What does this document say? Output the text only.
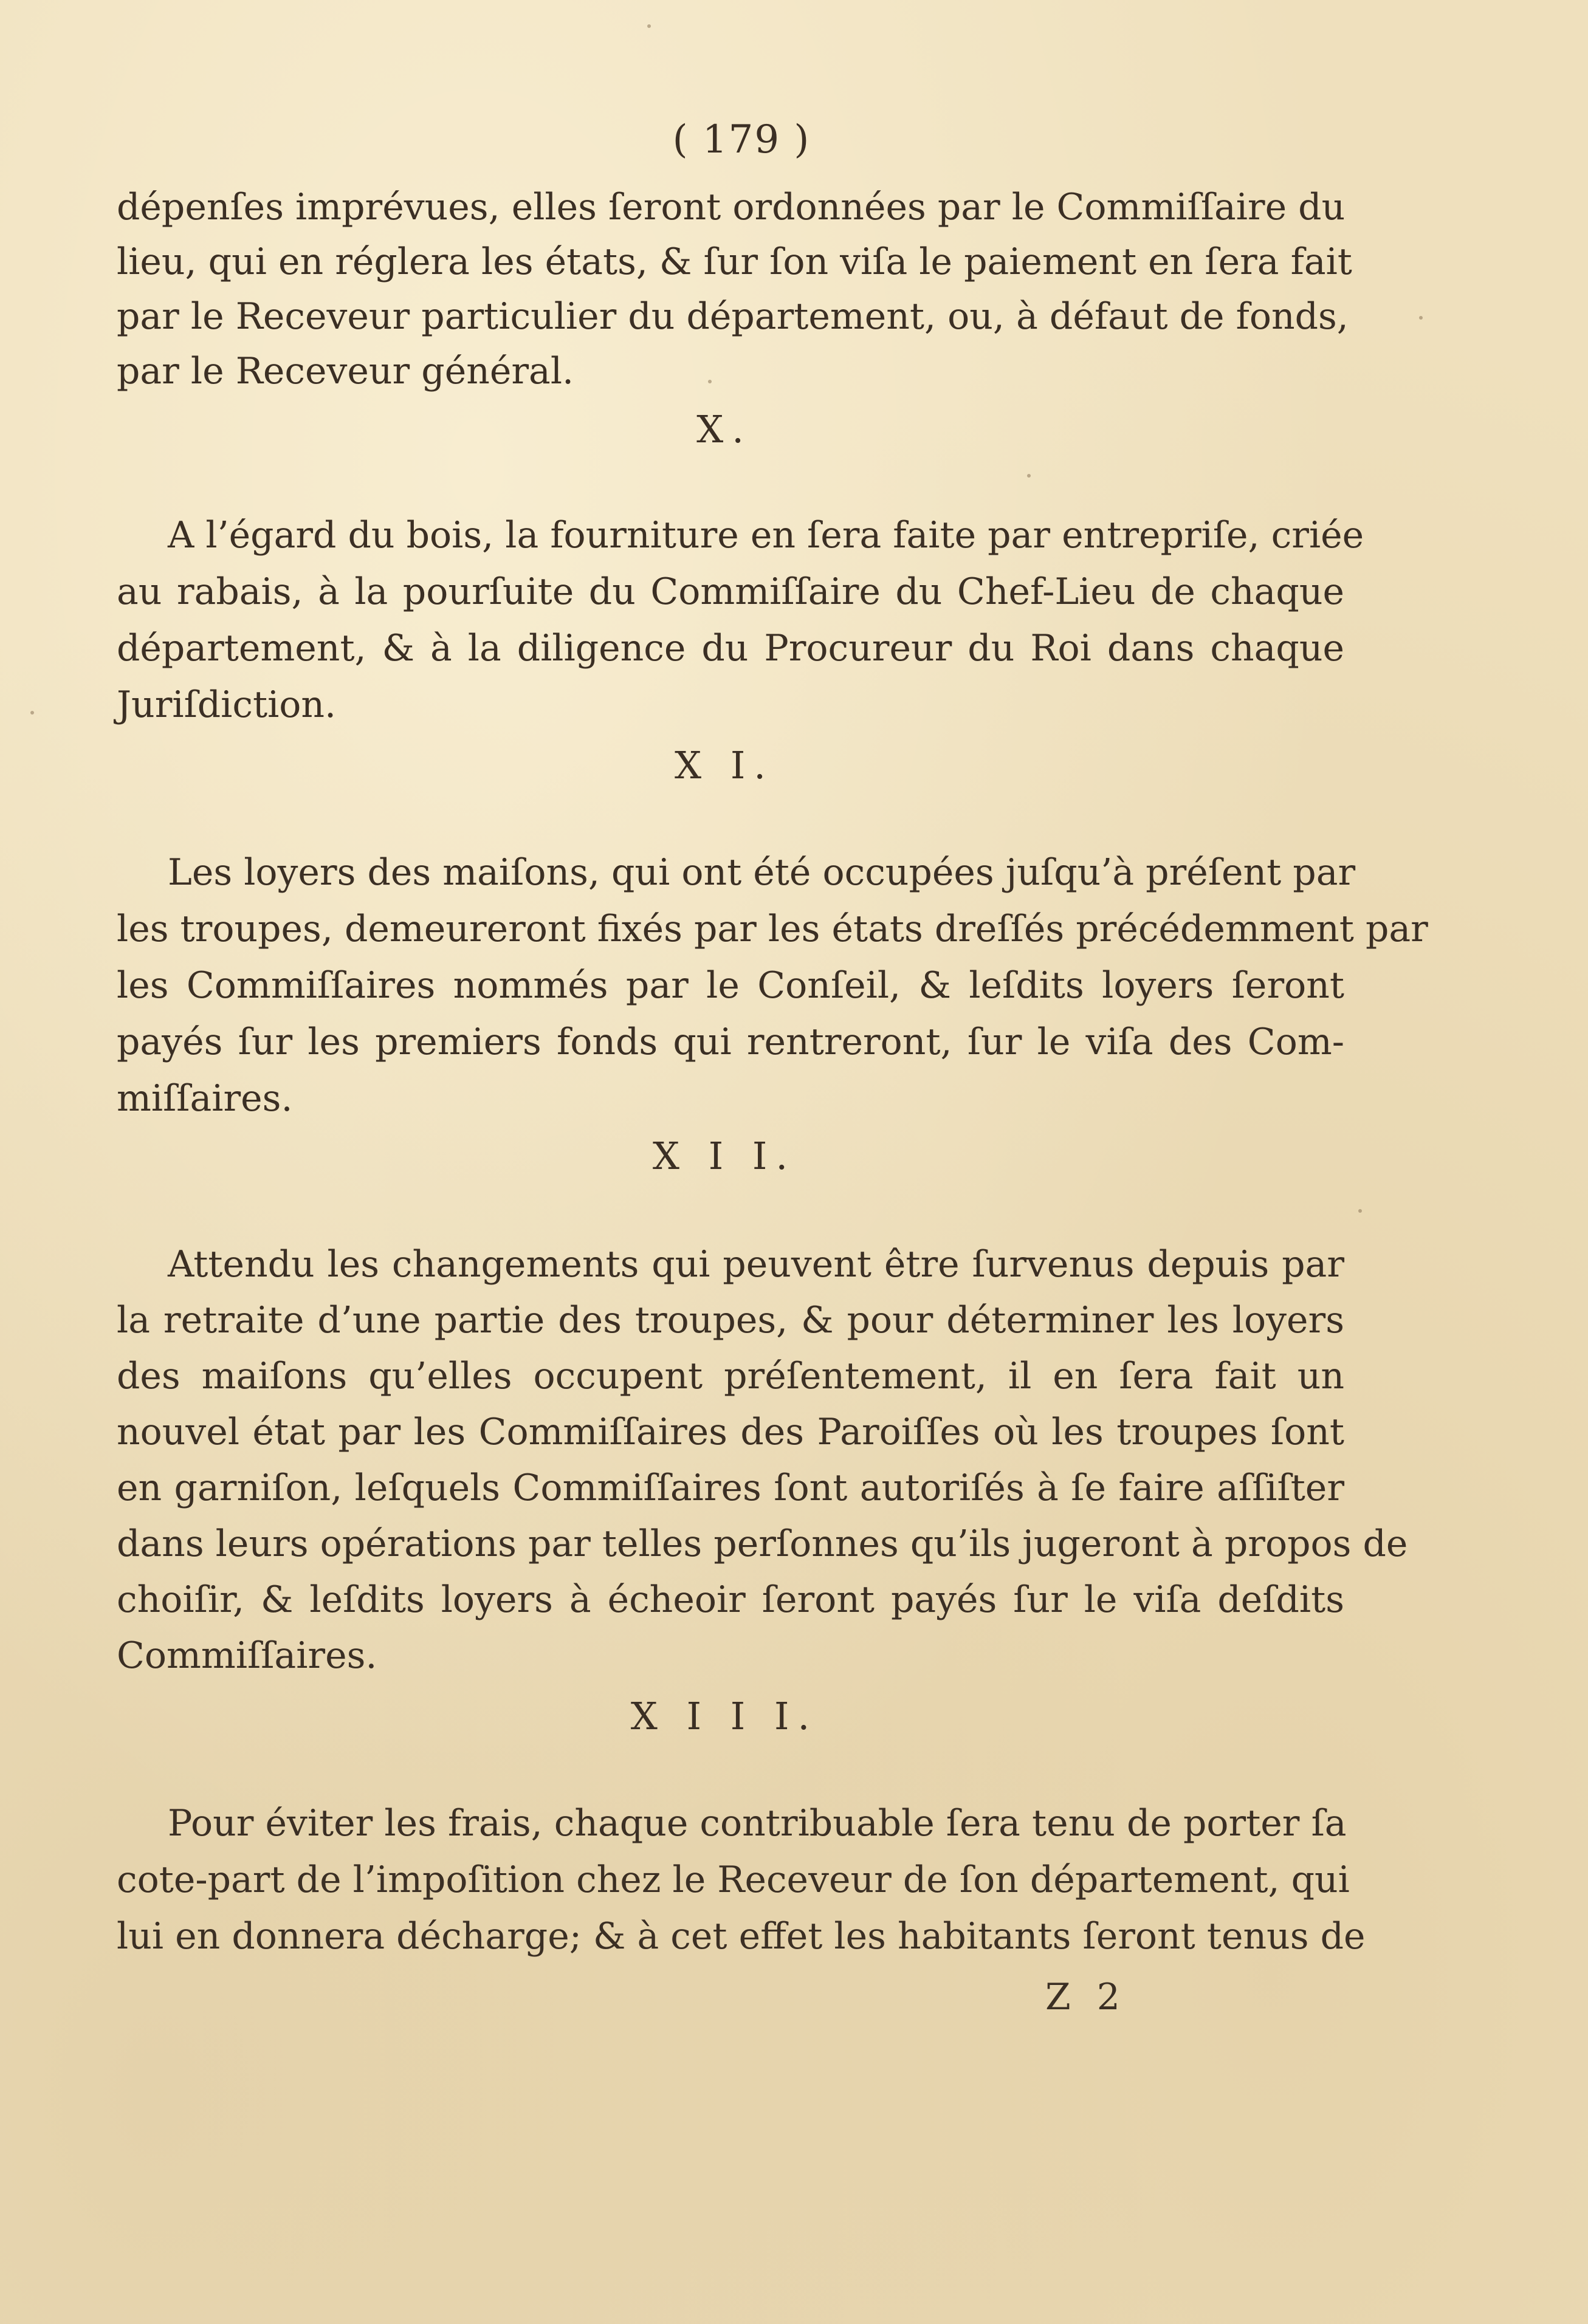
( 179 )
dépenſes imprévues, elles ſeront ordonnées par le Commiſſaire du
lieu, qui en réglera les états, & ſur ſon viſa le paiement en ſera fait
par le Receveur particulier du département, ou, à défaut de fonds,
par le Receveur général.
X.
A l’égard du bois, la fourniture en ſera faite par entrepriſe, criée
au rabais, à la pourſuite du Commiſſaire du Chef-Lieu de chaque
département, & à la diligence du Procureur du Roi dans chaque
Juriſdiction.
X I.
Les loyers des maiſons, qui ont été occupées juſqu’à préſent par
les troupes, demeureront fixés par les états dreſſés précédemment par
les Commiſſaires nommés par le Conſeil, & leſdits loyers ſeront
payés ſur les premiers fonds qui rentreront, ſur le viſa des Com-
miſſaires.
X I I.
Attendu les changements qui peuvent être ſurvenus depuis par
la retraite d’une partie des troupes, & pour déterminer les loyers
des maiſons qu’elles occupent préſentement, il en ſera fait un
nouvel état par les Commiſſaires des Paroiſſes où les troupes ſont
en garniſon, leſquels Commiſſaires ſont autoriſés à ſe faire aſſiſter
dans leurs opérations par telles perſonnes qu’ils jugeront à propos de
choiſir, & leſdits loyers à écheoir ſeront payés ſur le viſa deſdits
Commiſſaires.
X I I I.
Pour éviter les frais, chaque contribuable ſera tenu de porter ſa
cote-part de l’impoſition chez le Receveur de ſon département, qui
lui en donnera décharge; & à cet effet les habitants ſeront tenus de
Z 2
